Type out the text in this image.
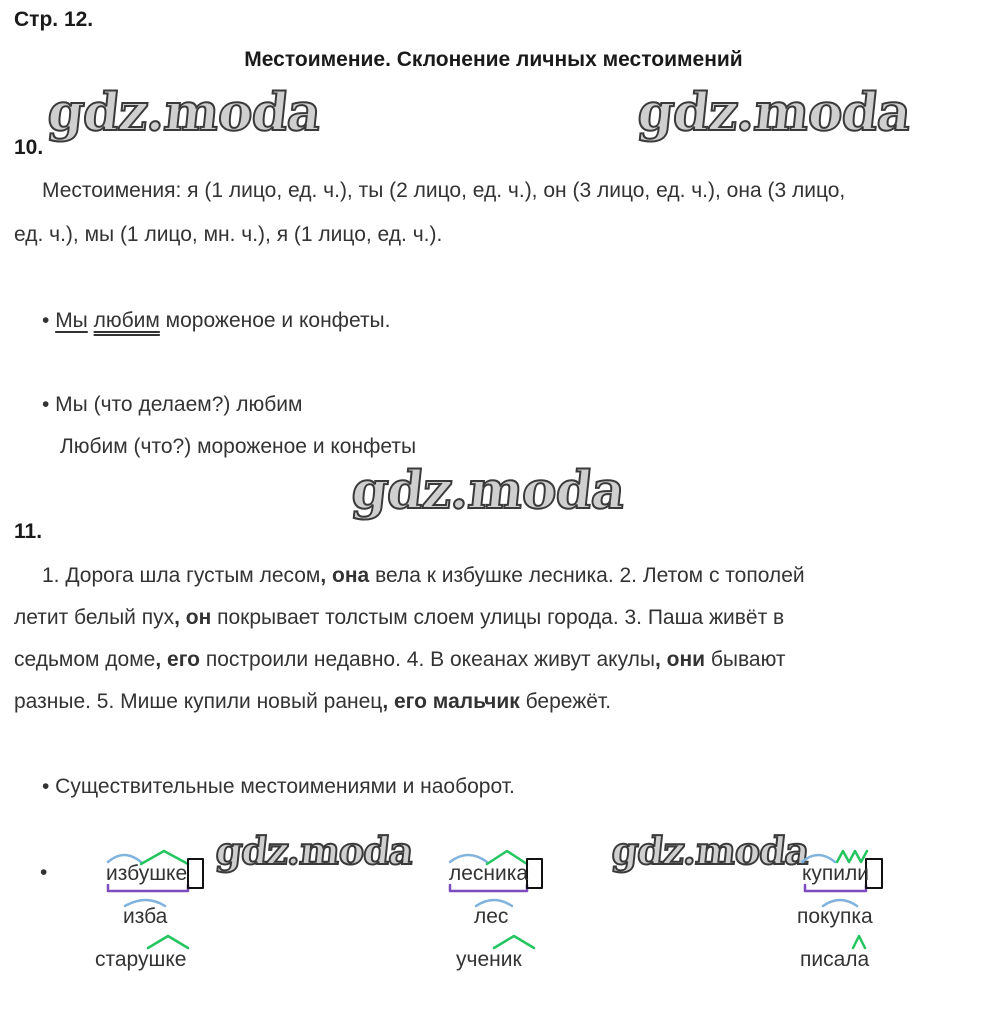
Стр. 12.
Местоимение. Склонение личных местоимений
gdz.moda	gdz.moda
10.
Местоимения: я (1 лицо, ед. ч.), ты (2 лицо, ед. ч.), он (3 лицо, ед. ч.), она (3 лицо,
ед. ч.), мы (1 лицо, мн. ч.), я (1 лицо, ед. ч.).
• Мы любим мороженое и конфеты.
• Мы (что делаем?) любим
Любим (что?) мороженое и конфеты
gdz.moda
11.
1. Дорога шла густым лесом, она вела к избушке лесника. 2. Летом с тополей
летит белый пух, он покрывает толстым слоем улицы города. 3. Паша живёт в
седьмом доме, его построили недавно. 4. В океанах живут акулы, они бывают
разные. 5. Мише купили новый ранец, его мальчик бережёт.
• Существительные местоимениями и наоборот.
gdz.moda	gdz.moda
•	избушке
изба
старушке
лесника
лес
ученик
купили
покупка
писала
